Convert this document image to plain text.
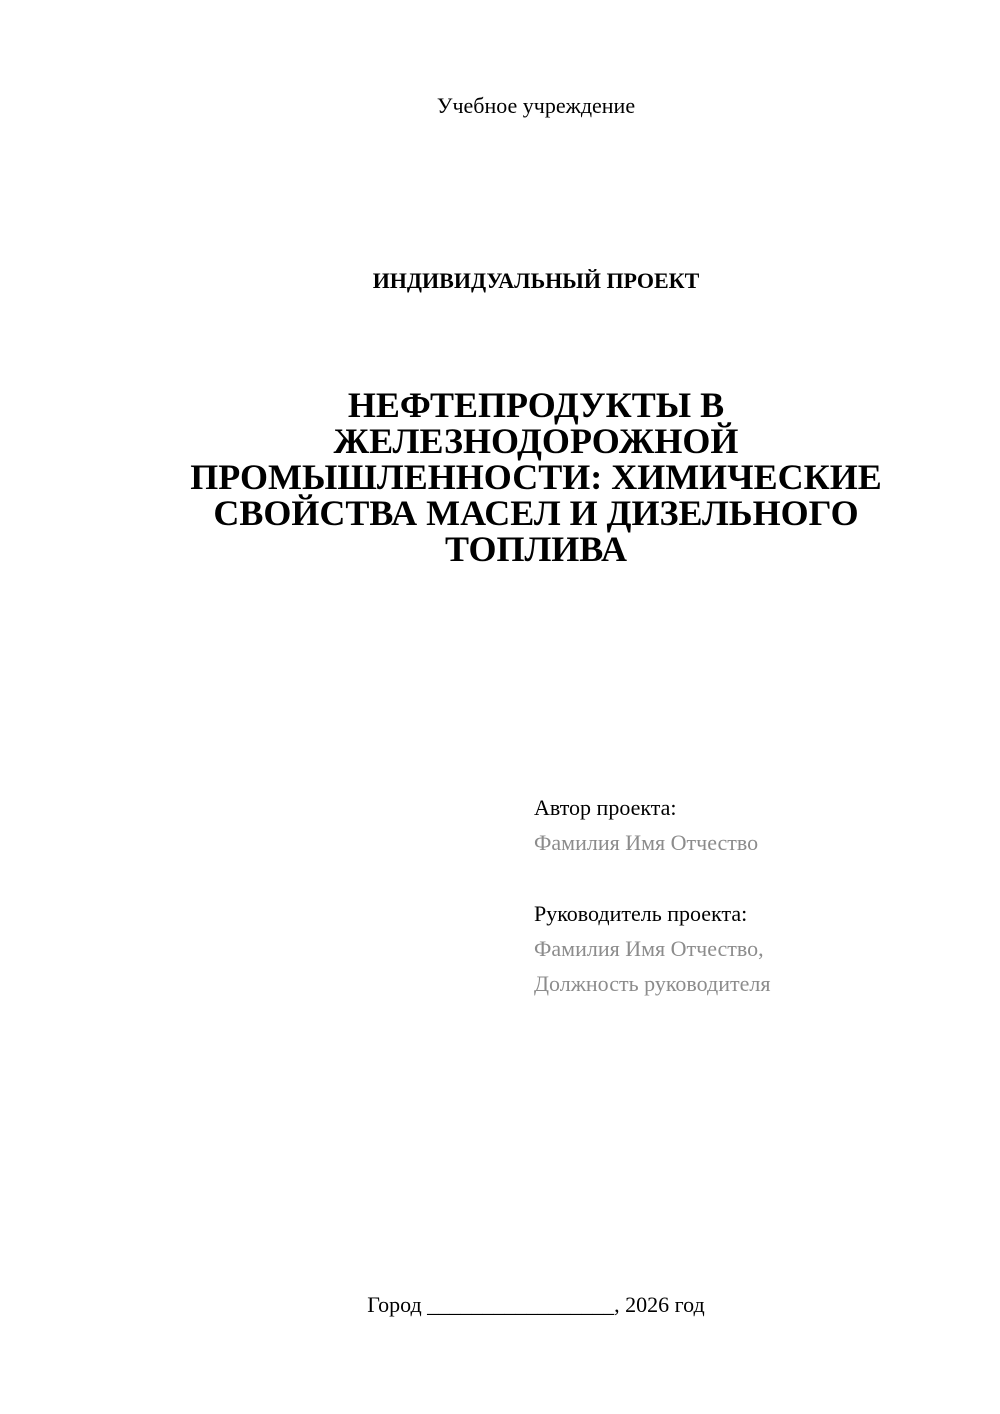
Учебное учреждение
ИНДИВИДУАЛЬНЫЙ ПРОЕКТ
НЕФТЕПРОДУКТЫ В
ЖЕЛЕЗНОДОРОЖНОЙ
ПРОМЫШЛЕННОСТИ: ХИМИЧЕСКИЕ
СВОЙСТВА МАСЕЛ И ДИЗЕЛЬНОГО
ТОПЛИВА
Автор проекта:
Фамилия Имя Отчество
Руководитель проекта:
Фамилия Имя Отчество,
Должность руководителя
Город _________________, 2026 год
